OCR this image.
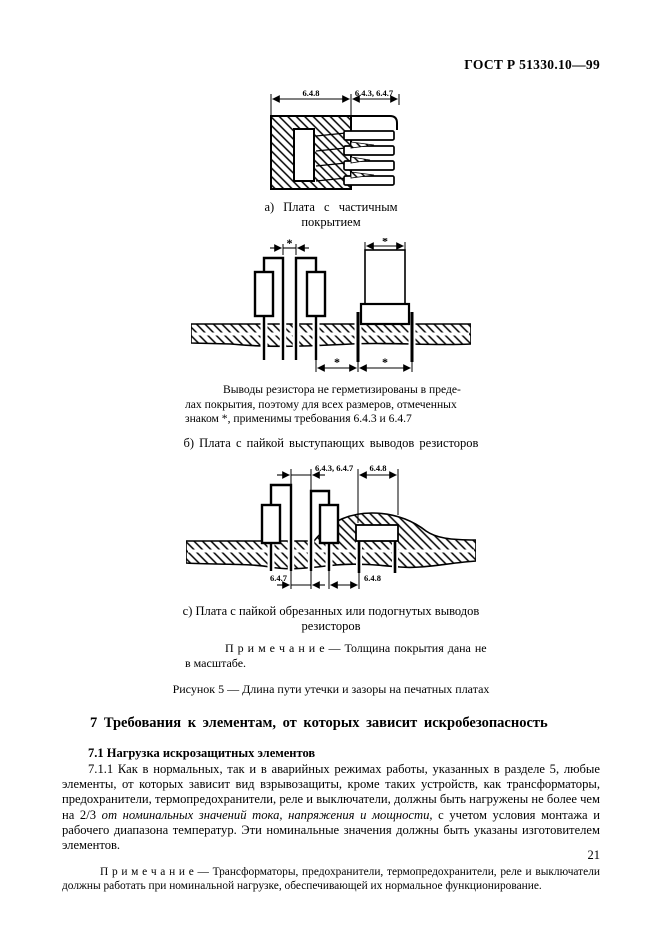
ГОСТ Р 51330.10—99
6.4.8	6.4.3, 6.4.7
а) Плата с частичным
покрытием
*	*
*	*
Выводы резистора не герметизированы в преде-
лах покрытия, поэтому для всех размеров, отмеченных
знаком *, применимы требования 6.4.3 и 6.4.7
б) Плата с пайкой выступающих выводов резисторов
6.4.3, 6.4.7 6.4.8
6.4.7	6.4.8
с) Плата с пайкой обрезанных или подогнутых выводов
резисторов
П р и м е ч а н и е — Толщина покрытия дана не
в масштабе.
Рисунок 5 — Длина пути утечки и зазоры на печатных платах
7 Требования к элементам, от которых зависит искробезопасность
7.1 Нагрузка искрозащитных элементов

7.1.1 Как в нормальных, так и в аварийных режимах работы, указанных в разделе 5, любые элементы, от которых зависит вид взрывозащиты, кроме таких устройств, как трансформаторы, предохранители, термопредохранители, реле и выключатели, должны быть нагружены не более чем на 2/3 от номинальных значений тока, напряжения и мощности, с учетом условия монтажа и рабочего диапазона температур. Эти номинальные значения должны быть указаны изготовителем элементов.

П р и м е ч а н и е — Трансформаторы, предохранители, термопредохранители, реле и выключатели должны работать при номинальной нагрузке, обеспечивающей их нормальное функционирование.

21
